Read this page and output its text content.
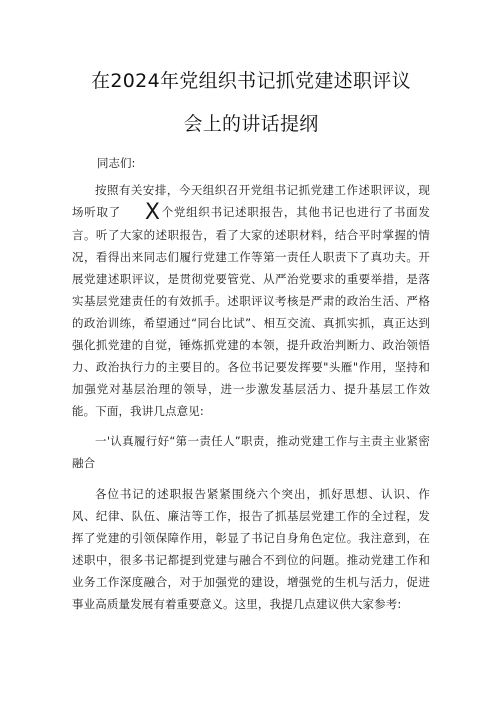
在2024年党组织书记抓党建述职评议
会上的讲话提纲

同志们:

按照有关安排，今天组织召开党组书记抓党建工作述职评议，现场听取了 X个党组织书记述职报告，其他书记也进行了书面发言。听了大家的述职报告，看了大家的述职材料，结合平时掌握的情况，看得出来同志们履行党建工作等第一责任人职责下了真功夫。开展党建述职评议，是贯彻党要管党、从严治党要求的重要举措，是落实基层党建责任的有效抓手。述职评议考核是严肃的政治生活、严格的政治训练，希望通过“同台比试”、相互交流、真抓实抓，真正达到强化抓党建的自觉，锤炼抓党建的本领，提升政治判断力、政治领悟力、政治执行力的主要目的。各位书记要发挥要"头雁"作用，坚持和加强党对基层治理的领导，进一步激发基层活力、提升基层工作效能。下面，我讲几点意见:

一'认真履行好“第一责任人”职责，推动党建工作与主责主业紧密融合

各位书记的述职报告紧紧围绕六个突出，抓好思想、认识、作风、纪律、队伍、廉洁等工作，报告了抓基层党建工作的全过程，发挥了党建的引领保障作用，彰显了书记自身角色定位。我注意到，在述职中，很多书记都提到党建与融合不到位的问题。推动党建工作和业务工作深度融合，对于加强党的建设，增强党的生机与活力，促进事业高质量发展有着重要意义。这里，我提几点建议供大家参考:
